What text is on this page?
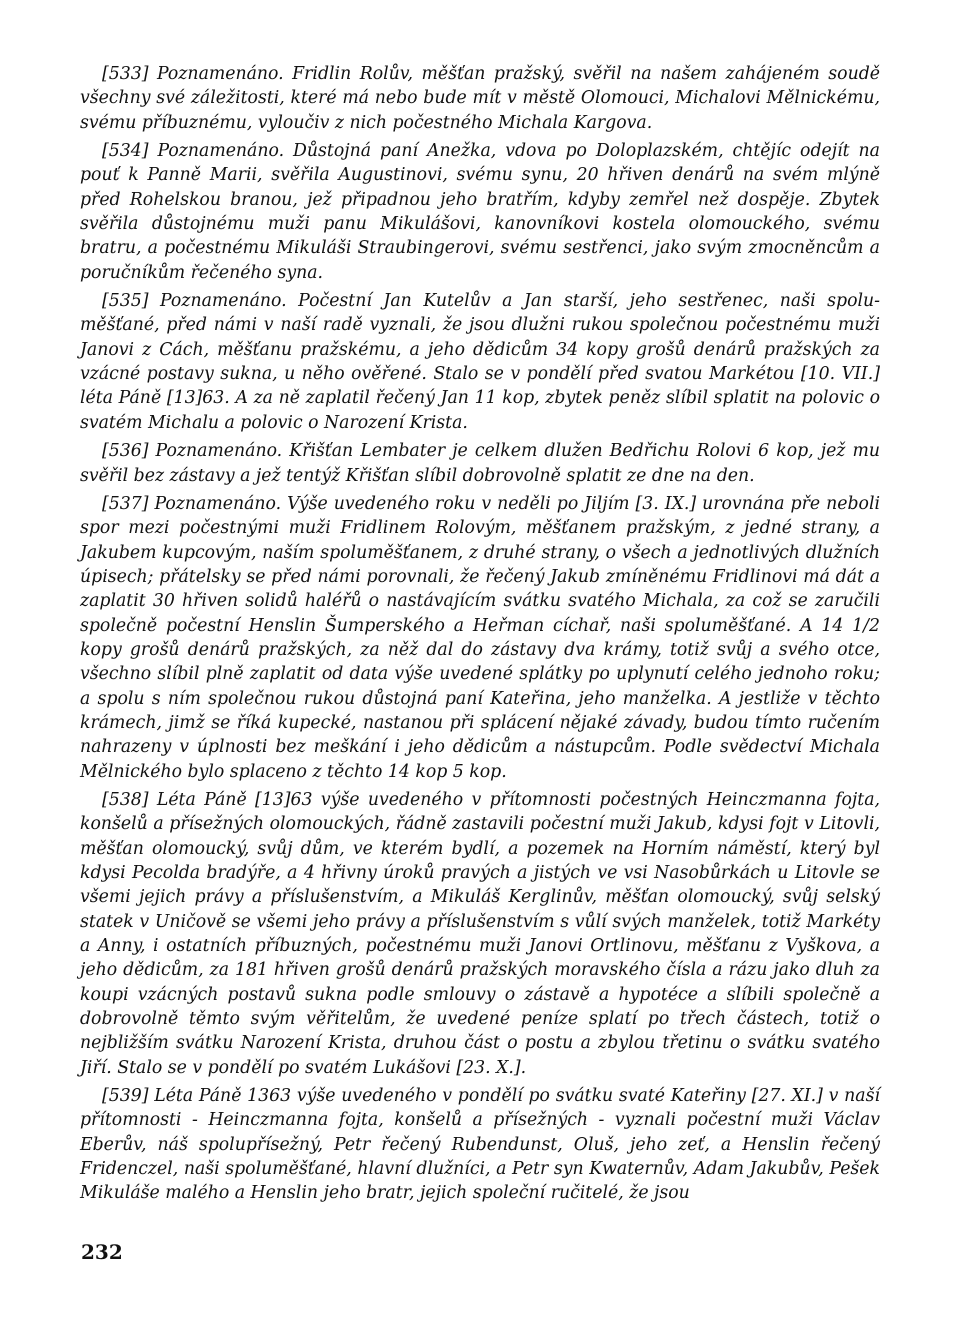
[533] Poznamenáno. Fridlin Rolův, měšťan pražský, svěřil na našem zahájeném soudě všechny své záležitosti, které má nebo bude mít v městě Olomouci, Michalovi Mělnickému, svému příbuznému, vyloučiv z nich počestného Michala Kargova.

[534] Poznamenáno. Důstojná paní Anežka, vdova po Doloplazském, chtějíc odejít na pouť k Panně Marii, svěřila Augustinovi, svému synu, 20 hřiven denárů na svém mlýně před Rohelskou branou, jež připadnou jeho bratřím, kdyby zemřel než dospěje. Zbytek svěřila důstojnému muži panu Mikulášovi, kanovníkovi kostela olomouckého, svému bratru, a počestnému Mikuláši Straubingerovi, svému sestřenci, jako svým zmocněncům a poručníkům řečeného syna.

[535] Poznamenáno. Počestní Jan Kutelův a Jan starší, jeho sestřenec, naši spoluměšťané, před námi v naší radě vyznali, že jsou dlužni rukou společnou počestnému muži Janovi z Cách, měšťanu pražskému, a jeho dědicům 34 kopy grošů denárů pražských za vzácné postavy sukna, u něho ověřené. Stalo se v pondělí před svatou Markétou [10. VII.] léta Páně [13]63. A za ně zaplatil řečený Jan 11 kop, zbytek peněz slíbil splatit na polovic o svatém Michalu a polovic o Narození Krista.

[536] Poznamenáno. Křišťan Lembater je celkem dlužen Bedřichu Rolovi 6 kop, jež mu svěřil bez zástavy a jež tentýž Křišťan slíbil dobrovolně splatit ze dne na den.

[537] Poznamenáno. Výše uvedeného roku v neděli po Jiljím [3. IX.] urovnána pře neboli spor mezi počestnými muži Fridlinem Rolovým, měšťanem pražským, z jedné strany, a Jakubem kupcovým, naším spoluměšťanem, z druhé strany, o všech a jednotlivých dlužních úpisech; přátelsky se před námi porovnali, že řečený Jakub zmíněnému Fridlinovi má dát a zaplatit 30 hřiven solidů haléřů o nastávajícím svátku svatého Michala, za což se zaručili společně počestní Henslin Šumperského a Heřman cíchař, naši spoluměšťané. A 14 1/2 kopy grošů denárů pražských, za něž dal do zástavy dva krámy, totiž svůj a svého otce, všechno slíbil plně zaplatit od data výše uvedené splátky po uplynutí celého jednoho roku; a spolu s ním společnou rukou důstojná paní Kateřina, jeho manželka. A jestliže v těchto krámech, jimž se říká kupecké, nastanou při splácení nějaké závady, budou tímto ručením nahrazeny v úplnosti bez meškání i jeho dědicům a nástupcům. Podle svědectví Michala Mělnického bylo splaceno z těchto 14 kop 5 kop.

[538] Léta Páně [13]63 výše uvedeného v přítomnosti počestných Heinczmanna fojta, konšelů a přísežných olomouckých, řádně zastavili počestní muži Jakub, kdysi fojt v Litovli, měšťan olomoucký, svůj dům, ve kterém bydlí, a pozemek na Horním náměstí, který byl kdysi Pecolda bradýře, a 4 hřivny úroků pravých a jistých ve vsi Nasobůrkách u Litovle se všemi jejich právy a příslušenstvím, a Mikuláš Kerglinův, měšťan olomoucký, svůj selský statek v Uničově se všemi jeho právy a příslušenstvím s vůlí svých manželek, totiž Markéty a Anny, i ostatních příbuzných, počestnému muži Janovi Ortlinovu, měšťanu z Vyškova, a jeho dědicům, za 181 hřiven grošů denárů pražských moravského čísla a rázu jako dluh za koupi vzácných postavů sukna podle smlouvy o zástavě a hypotéce a slíbili společně a dobrovolně těmto svým věřitelům, že uvedené peníze splatí po třech částech, totiž o nejbližším svátku Narození Krista, druhou část o postu a zbylou třetinu o svátku svatého Jiří. Stalo se v pondělí po svatém Lukášovi [23. X.].

[539] Léta Páně 1363 výše uvedeného v pondělí po svátku svaté Kateřiny [27. XI.] v naší přítomnosti - Heinczmanna fojta, konšelů a přísežných - vyznali počestní muži Václav Eberův, náš spolupřísežný, Petr řečený Rubendunst, Oluš, jeho zeť, a Henslin řečený Fridenczel, naši spoluměšťané, hlavní dlužníci, a Petr syn Kwaternův, Adam Jakubův, Pešek Mikuláše malého a Henslin jeho bratr, jejich společní ručitelé, že jsou

232
